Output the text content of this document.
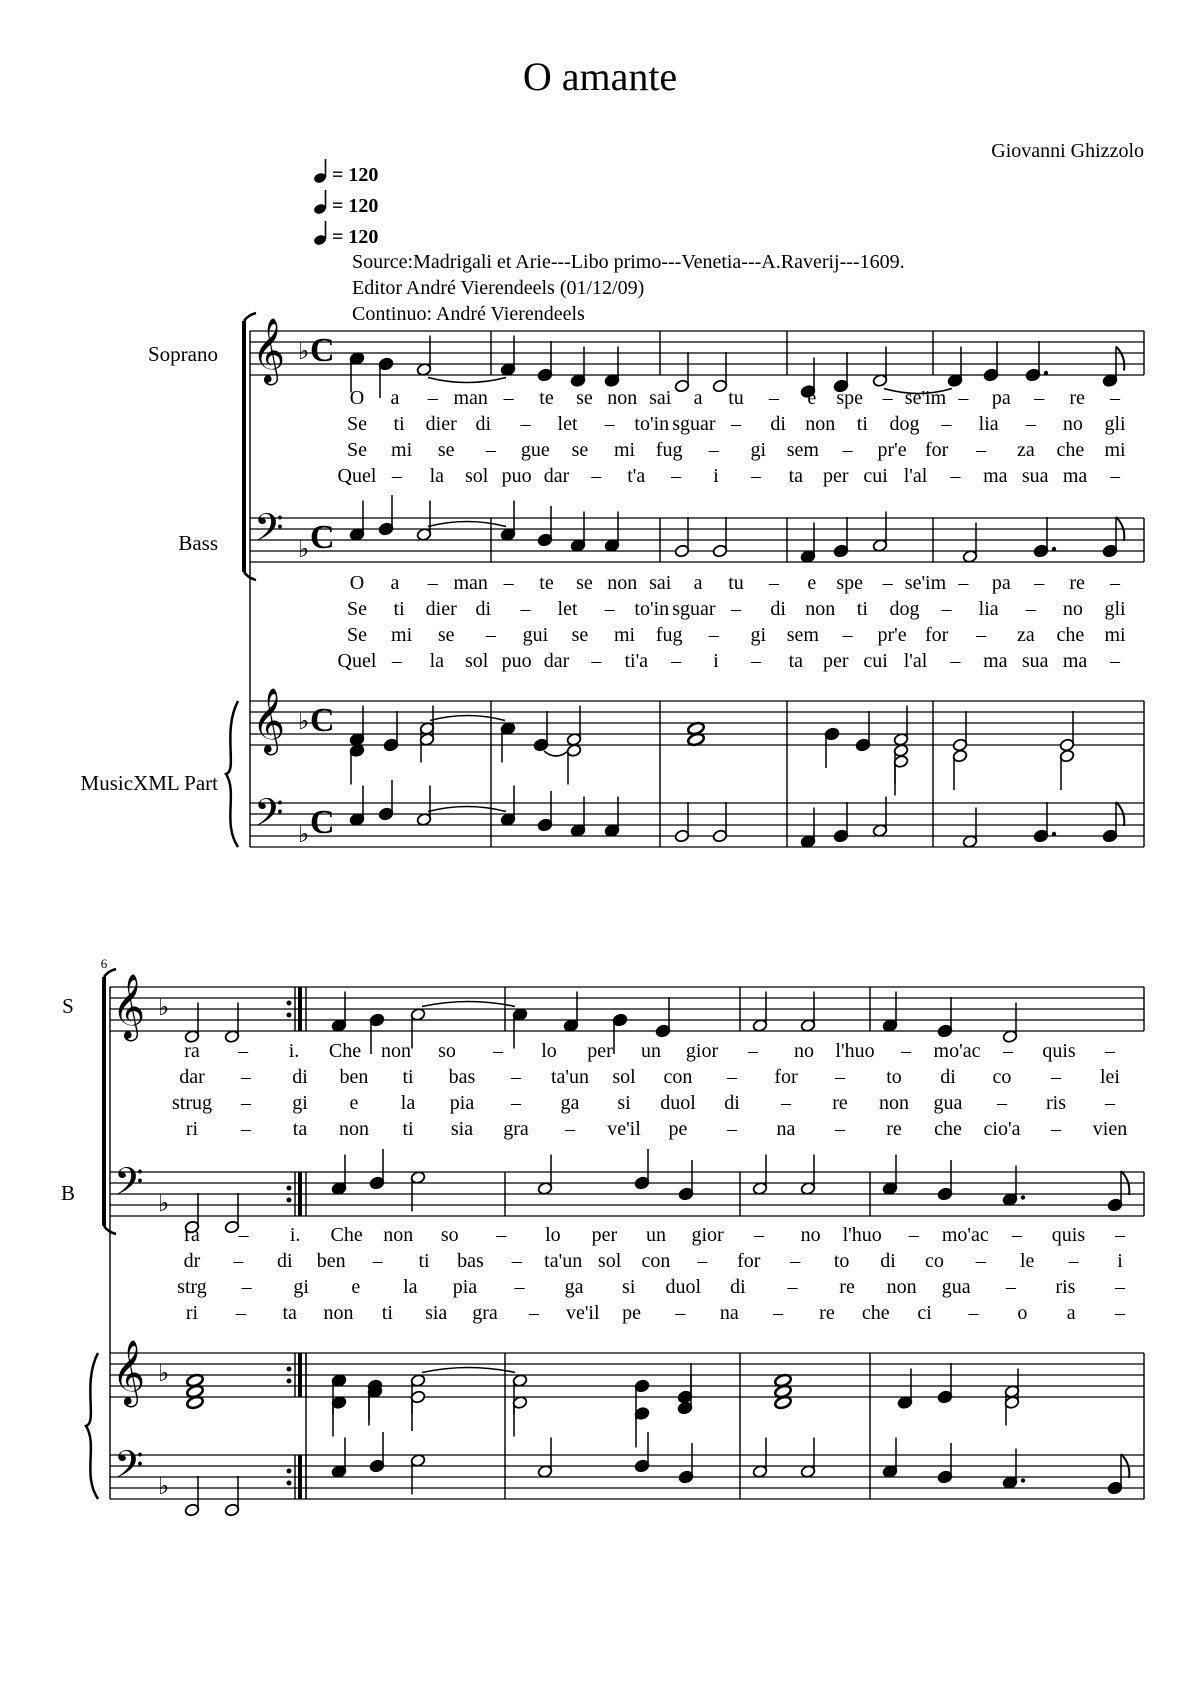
O amante
Giovanni Ghizzolo
= 120
= 120
= 120
Source:Madrigali et Arie---Libo primo---Venetia---A.Raverij---1609.
Editor André Vierendeels (01/12/09)
Continuo: André Vierendeels
Soprano
Bass
MusicXML Part
S
B
6
𝄞 ♭ C
𝄢 ♭ C
𝄞 ♭ C
𝄢 ♭ C
𝄞 ♭
𝄢 ♭
𝄞 ♭
𝄢 ♭
O a – man – te se non sai a tu – e spe – se'im – pa – re –
Se ti dier di – let – to'in sguar – di non ti dog – lia – no gli
Se mi se – gue se mi fug – gi sem – pr'e for – za che mi
Quel – la sol puo dar – t'a – i – ta per cui l'al – ma sua ma –
O a – man – te se non sai a tu – e spe – se'im – pa – re –
Se ti dier di – let – to'in sguar – di non ti dog – lia – no gli
Se mi se – gui se mi fug – gi sem – pr'e for – za che mi
Quel – la sol puo dar – ti'a – i – ta per cui l'al – ma sua ma –
ra – i. Che non so – lo per un gior – no l'huo – mo'ac – quis –
dar – di ben ti bas – ta'un sol con – for – to di co – lei
strug – gi e la pia – ga si duol di – re non gua – ris –
ri – ta non ti sia gra – ve'il pe – na – re che cio'a – vien
ra – i. Che non so – lo per un gior – no l'huo – mo'ac – quis –
dr – di ben – ti bas – ta'un sol con – for – to di co – le – i
strg – gi e la pia – ga si duol di – re non gua – ris –
ri – ta non ti sia gra – ve'il pe – na – re che ci – o a –
